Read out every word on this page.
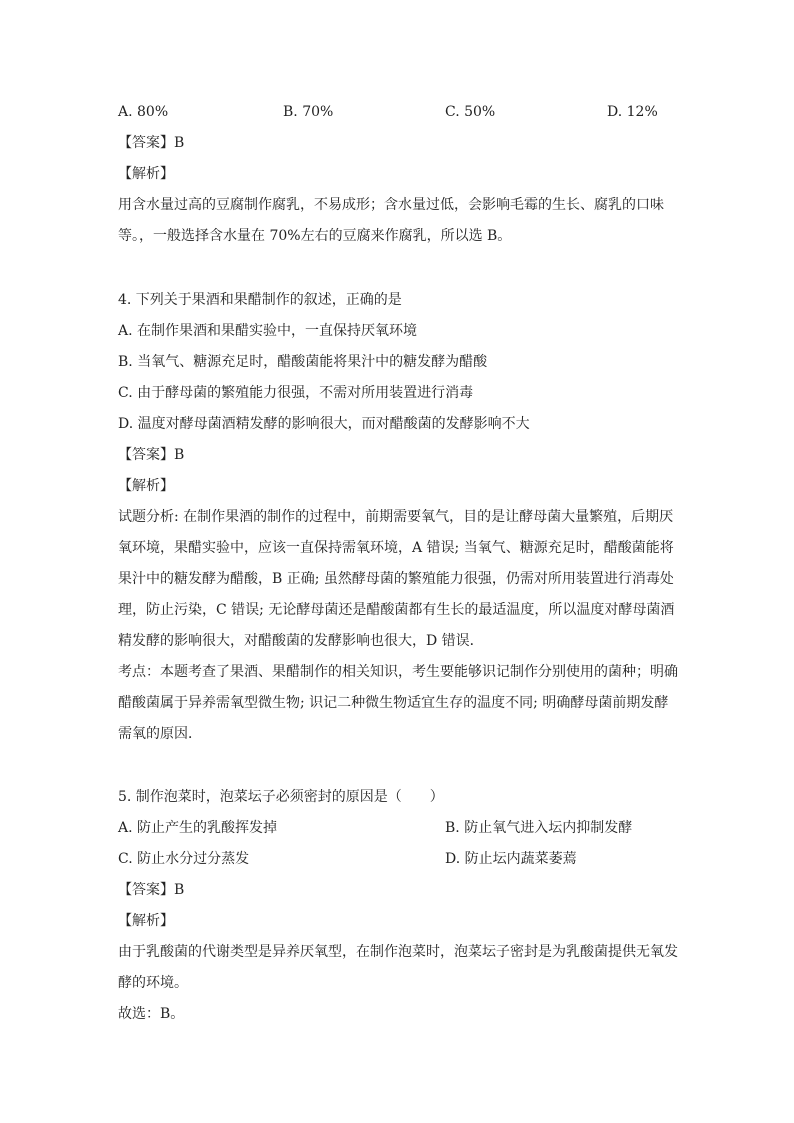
A. 80%	B. 70%	C. 50%	D. 12%
【答案】B
【解析】
用含水量过高的豆腐制作腐乳，不易成形；含水量过低，会影响毛霉的生长、腐乳的口味等。，一般选择含水量在 70%左右的豆腐来作腐乳，所以选 B。
4. 下列关于果酒和果醋制作的叙述，正确的是
A. 在制作果酒和果醋实验中，一直保持厌氧环境
B. 当氧气、糖源充足时，醋酸菌能将果汁中的糖发酵为醋酸
C. 由于酵母菌的繁殖能力很强，不需对所用装置进行消毒
D. 温度对酵母菌酒精发酵的影响很大，而对醋酸菌的发酵影响不大
【答案】B
【解析】
试题分析: 在制作果酒的制作的过程中，前期需要氧气，目的是让酵母菌大量繁殖，后期厌氧环境，果醋实验中，应该一直保持需氧环境，A 错误; 当氧气、糖源充足时，醋酸菌能将果汁中的糖发酵为醋酸，B 正确; 虽然酵母菌的繁殖能力很强，仍需对所用装置进行消毒处理，防止污染，C 错误; 无论酵母菌还是醋酸菌都有生长的最适温度，所以温度对酵母菌酒精发酵的影响很大，对醋酸菌的发酵影响也很大，D 错误．
考点：本题考查了果酒、果醋制作的相关知识，考生要能够识记制作分别使用的菌种；明确醋酸菌属于异养需氧型微生物; 识记二种微生物适宜生存的温度不同; 明确酵母菌前期发酵需氧的原因．
5. 制作泡菜时，泡菜坛子必须密封的原因是（　　）
A. 防止产生的乳酸挥发掉	B. 防止氧气进入坛内抑制发酵
C. 防止水分过分蒸发	D. 防止坛内蔬菜萎蔫
【答案】B
【解析】
由于乳酸菌的代谢类型是异养厌氧型，在制作泡菜时，泡菜坛子密封是为乳酸菌提供无氧发酵的环境。
故选：B。
